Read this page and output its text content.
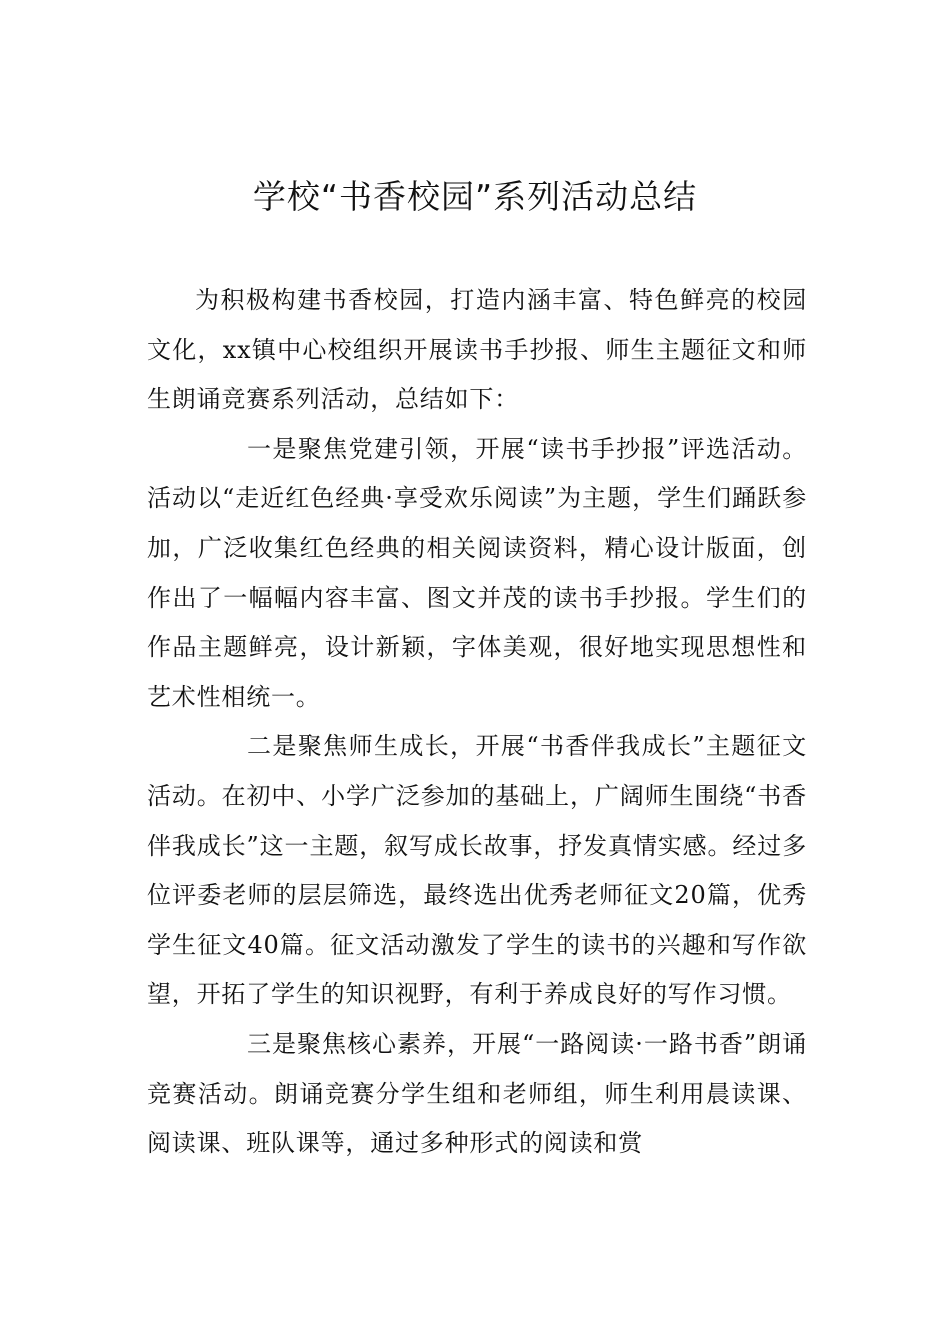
学校“书香校园”系列活动总结

为积极构建书香校园，打造内涵丰富、特色鲜亮的校园文化，xx镇中心校组织开展读书手抄报、师生主题征文和师生朗诵竞赛系列活动，总结如下：

一是聚焦党建引领，开展“读书手抄报”评选活动。活动以“走近红色经典·享受欢乐阅读”为主题，学生们踊跃参加，广泛收集红色经典的相关阅读资料，精心设计版面，创作出了一幅幅内容丰富、图文并茂的读书手抄报。学生们的作品主题鲜亮，设计新颖，字体美观，很好地实现思想性和艺术性相统一。

二是聚焦师生成长，开展“书香伴我成长”主题征文活动。在初中、小学广泛参加的基础上，广阔师生围绕“书香伴我成长”这一主题，叙写成长故事，抒发真情实感。经过多位评委老师的层层筛选，最终选出优秀老师征文20篇，优秀学生征文40篇。征文活动激发了学生的读书的兴趣和写作欲望，开拓了学生的知识视野，有利于养成良好的写作习惯。

三是聚焦核心素养，开展“一路阅读·一路书香”朗诵竞赛活动。朗诵竞赛分学生组和老师组，师生利用晨读课、阅读课、班队课等，通过多种形式的阅读和赏
